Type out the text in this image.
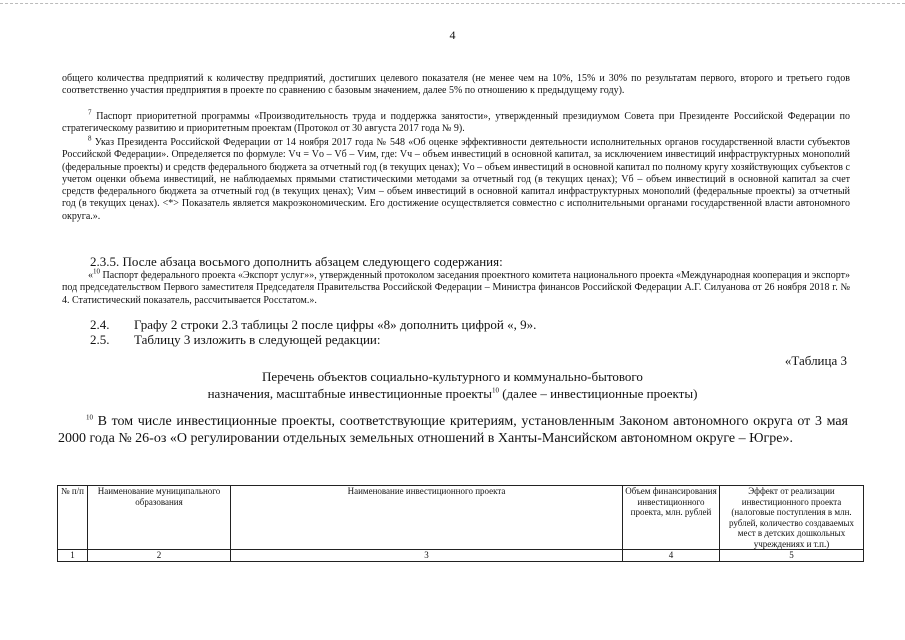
4

общего количества предприятий к количеству предприятий, достигших целевого показателя (не менее чем на 10%, 15% и 30% по результатам первого, второго и третьего годов соответственно участия предприятия в проекте по сравнению с базовым значением, далее 5% по отношению к предыдущему году).

$^7$ Паспорт приоритетной программы «Производительность труда и поддержка занятости», утвержденный президиумом Совета при Президенте Российской Федерации по стратегическому развитию и приоритетным проектам (Протокол от 30 августа 2017 года № 9).

$^8$ Указ Президента Российской Федерации от 14 ноября 2017 года № 548 «Об оценке эффективности деятельности исполнительных органов государственной власти субъектов Российской Федерации». Определяется по формуле: Vч = Vо – Vб – Vим, где: Vч – объем инвестиций в основной капитал, за исключением инвестиций инфраструктурных монополий (федеральные проекты) и средств федерального бюджета за отчетный год (в текущих ценах); Vо – объем инвестиций в основной капитал по полному кругу хозяйствующих субъектов с учетом оценки объема инвестиций, не наблюдаемых прямыми статистическими методами за отчетный год (в текущих ценах); Vб – объем инвестиций в основной капитал за счет средств федерального бюджета за отчетный год (в текущих ценах); Vим – объем инвестиций в основной капитал инфраструктурных монополий (федеральные проекты) за отчетный год (в текущих ценах). <*> Показатель является макроэкономическим. Его достижение осуществляется совместно с исполнительными органами государственной власти автономного округа.».

2.3.5. После абзаца восьмого дополнить абзацем следующего содержания:

«$^{10}$ Паспорт федерального проекта «Экспорт услуг»», утвержденный протоколом заседания проектного комитета национального проекта «Международная кооперация и экспорт» под председательством Первого заместителя Председателя Правительства Российской Федерации – Министра финансов Российской Федерации А.Г. Силуанова от 26 ноября 2018 г. № 4. Статистический показатель, рассчитывается Росстатом.».

2.4. Графу 2 строки 2.3 таблицы 2 после цифры «8» дополнить цифрой «, 9».

2.5. Таблицу 3 изложить в следующей редакции:

«Таблица 3

Перечень объектов социально-культурного и коммунально-бытового
назначения, масштабные инвестиционные проекты$^{10}$ (далее – инвестиционные проекты)

$^{10}$ В том числе инвестиционные проекты, соответствующие критериям, установленным Законом автономного округа от 3 мая 2000 года № 26-оз «О регулировании отдельных земельных отношений в Ханты-Мансийском автономном округе – Югре».

№ п/п	Наименование муниципального образования	Наименование инвестиционного проекта	Объем финансирования инвестиционного проекта, млн. рублей	Эффект от реализации инвестиционного проекта (налоговые поступления в млн. рублей, количество создаваемых мест в детских дошкольных учреждениях и т.п.)
1	2	3	4	5
